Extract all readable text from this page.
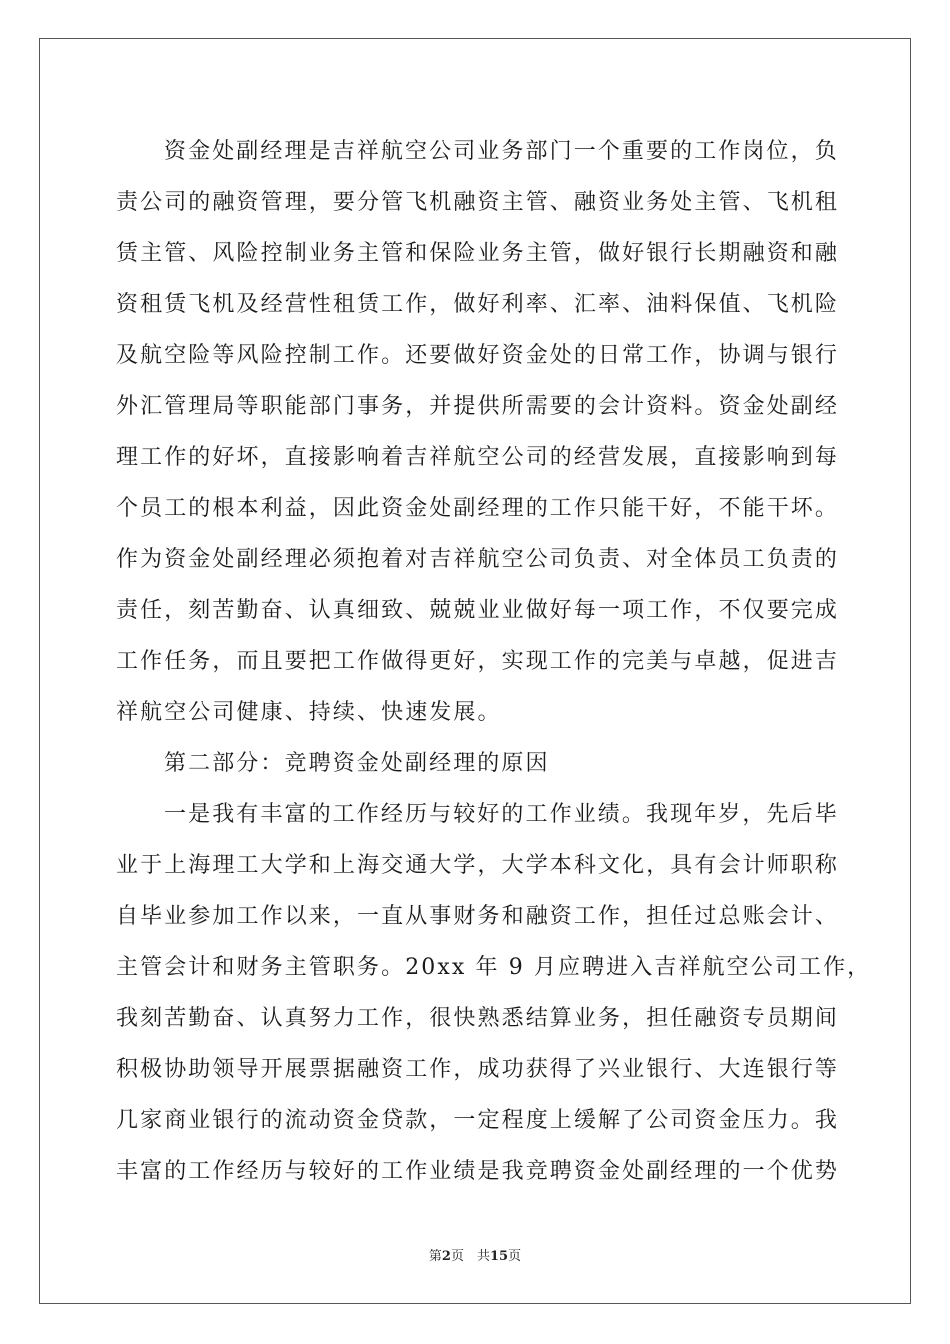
资金处副经理是吉祥航空公司业务部门一个重要的工作岗位，负
责公司的融资管理，要分管飞机融资主管、融资业务处主管、飞机租
赁主管、风险控制业务主管和保险业务主管，做好银行长期融资和融
资租赁飞机及经营性租赁工作，做好利率、汇率、油料保值、飞机险
及航空险等风险控制工作。还要做好资金处的日常工作，协调与银行
外汇管理局等职能部门事务，并提供所需要的会计资料。资金处副经
理工作的好坏，直接影响着吉祥航空公司的经营发展，直接影响到每
个员工的根本利益，因此资金处副经理的工作只能干好，不能干坏。
作为资金处副经理必须抱着对吉祥航空公司负责、对全体员工负责的
责任，刻苦勤奋、认真细致、兢兢业业做好每一项工作，不仅要完成
工作任务，而且要把工作做得更好，实现工作的完美与卓越，促进吉
祥航空公司健康、持续、快速发展。
第二部分：竞聘资金处副经理的原因
一是我有丰富的工作经历与较好的工作业绩。我现年岁，先后毕
业于上海理工大学和上海交通大学，大学本科文化，具有会计师职称
自毕业参加工作以来，一直从事财务和融资工作，担任过总账会计、
主管会计和财务主管职务。20xx 年 9 月应聘进入吉祥航空公司工作，
我刻苦勤奋、认真努力工作，很快熟悉结算业务，担任融资专员期间
积极协助领导开展票据融资工作，成功获得了兴业银行、大连银行等
几家商业银行的流动资金贷款，一定程度上缓解了公司资金压力。我
丰富的工作经历与较好的工作业绩是我竞聘资金处副经理的一个优势
第2页　共15页
